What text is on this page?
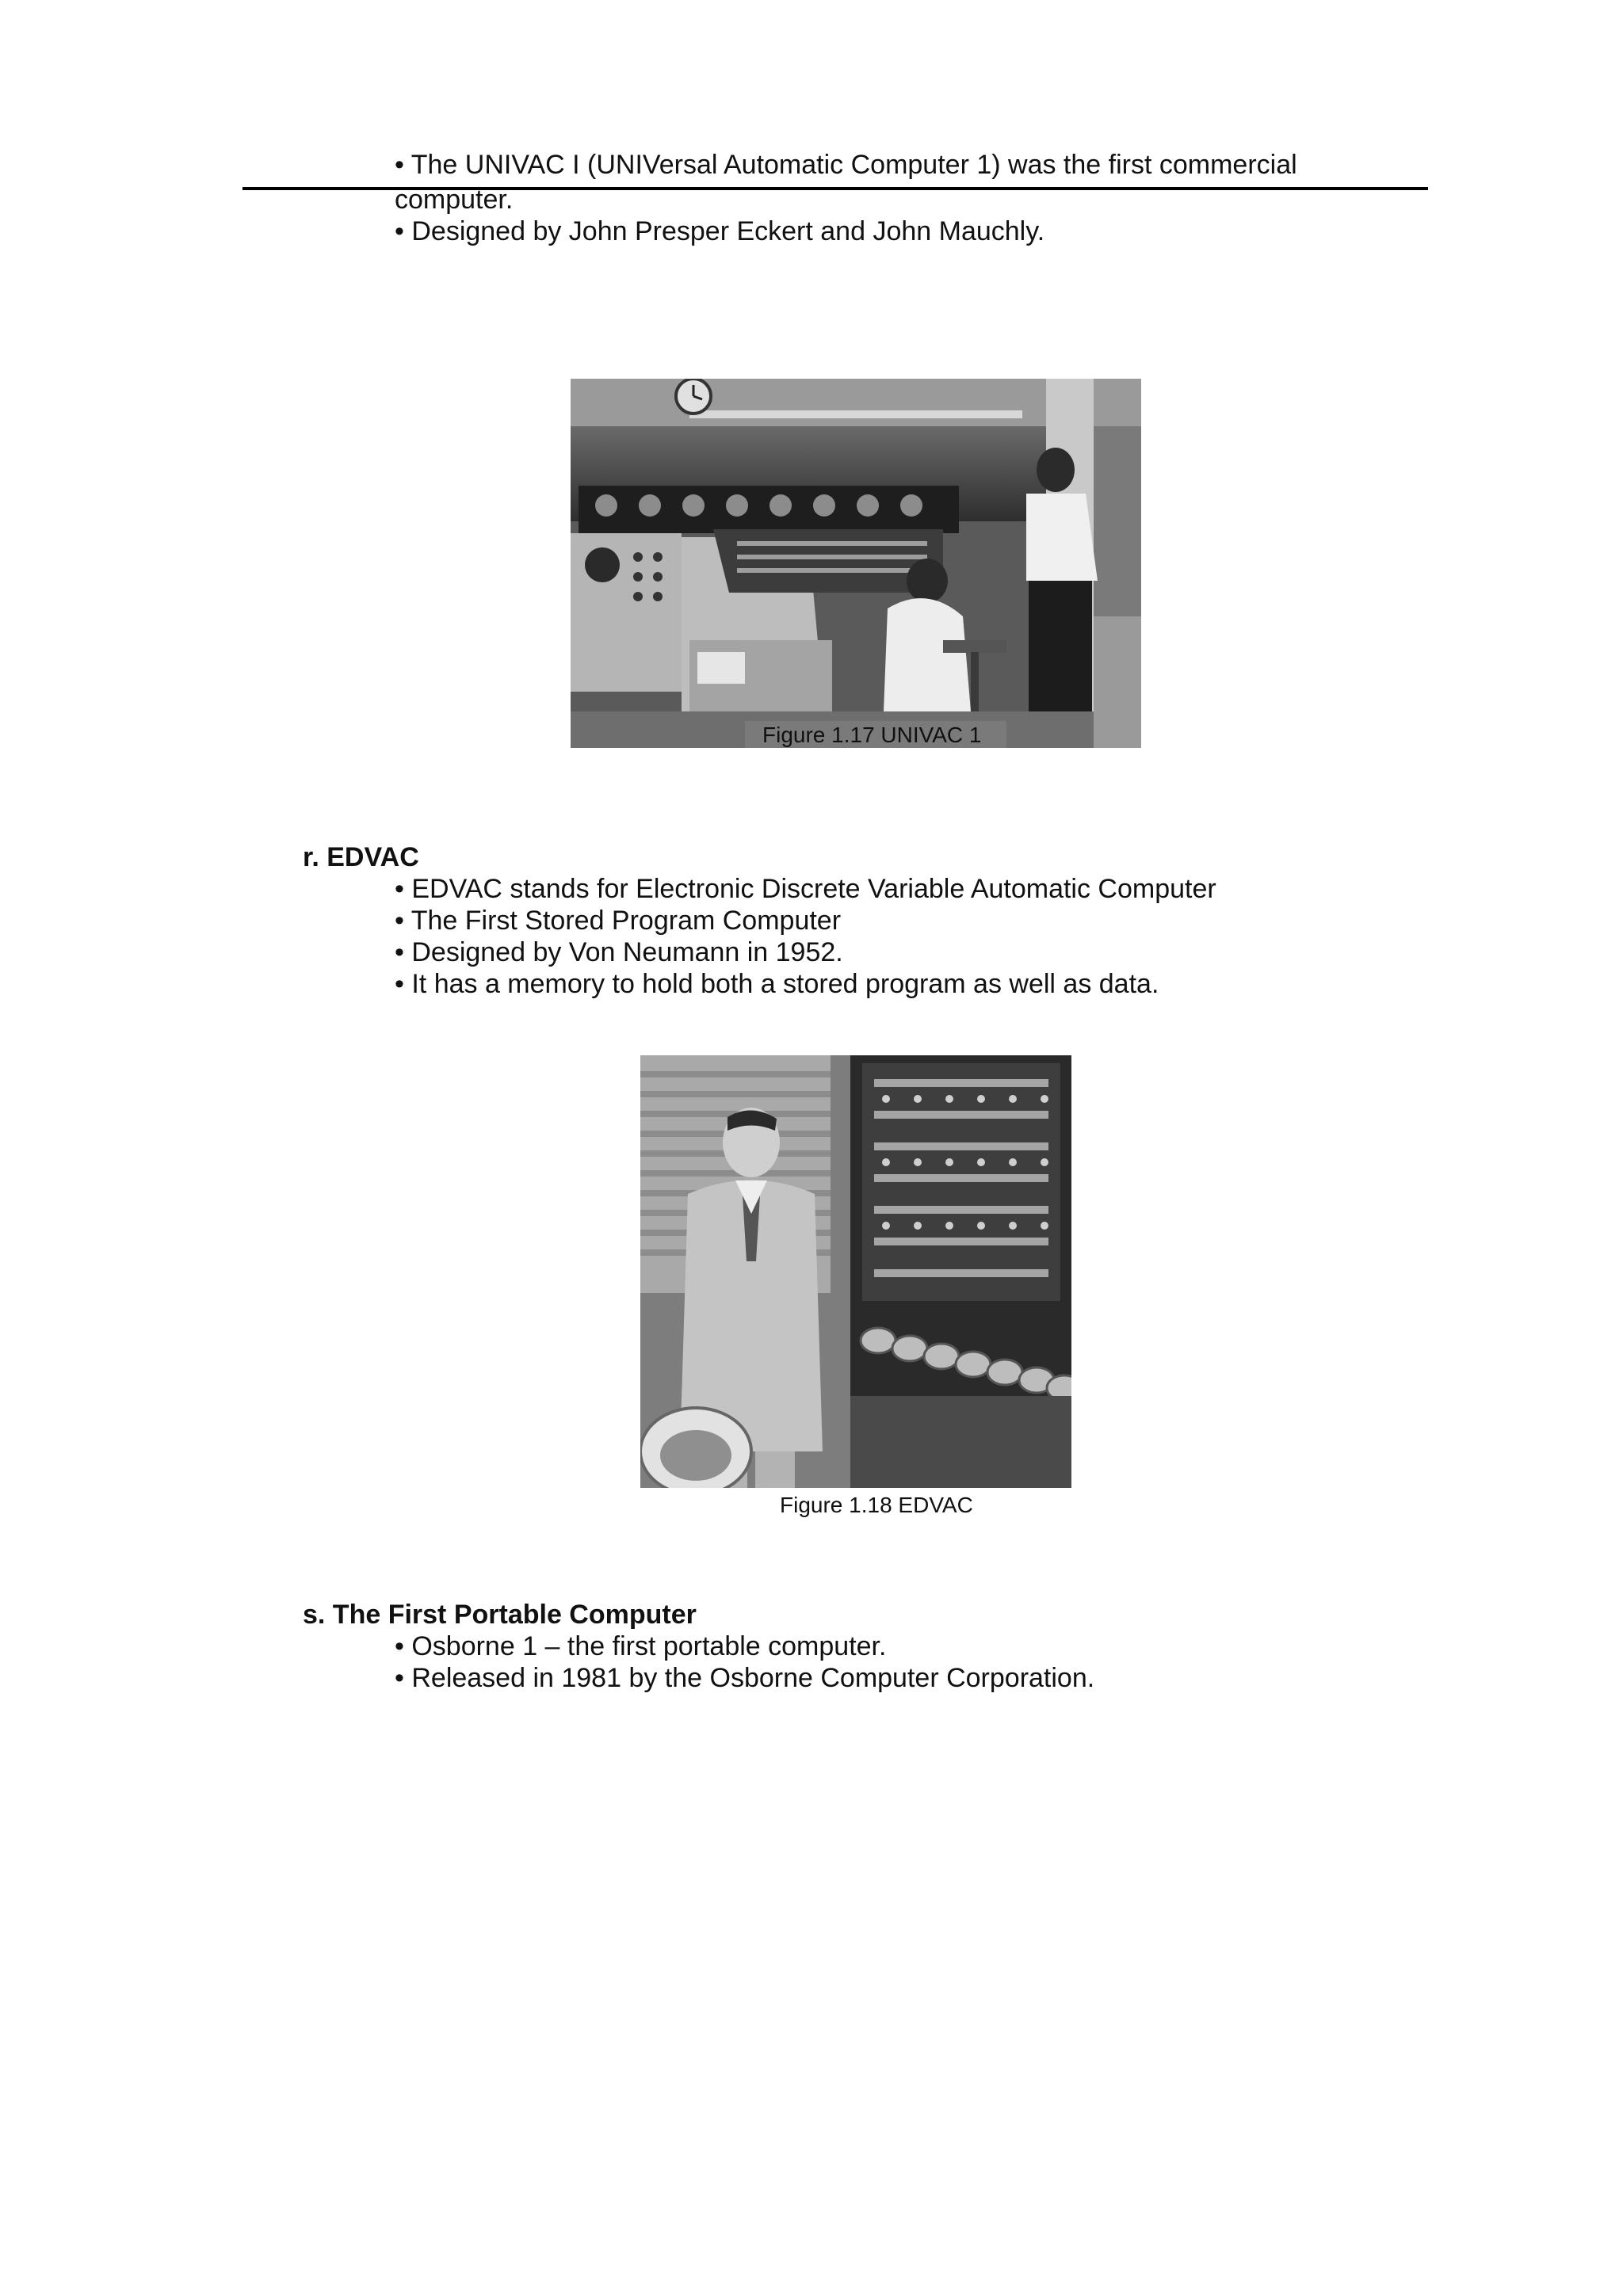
• The UNIVAC I (UNIVersal Automatic Computer 1) was the first commercial
computer.
• Designed by John Presper Eckert and John Mauchly.
Figure 1.17 UNIVAC 1
r. EDVAC
• EDVAC stands for Electronic Discrete Variable Automatic Computer
• The First Stored Program Computer
• Designed by Von Neumann in 1952.
• It has a memory to hold both a stored program as well as data.
Figure 1.18 EDVAC
s. The First Portable Computer
• Osborne 1 – the first portable computer.
• Released in 1981 by the Osborne Computer Corporation.
